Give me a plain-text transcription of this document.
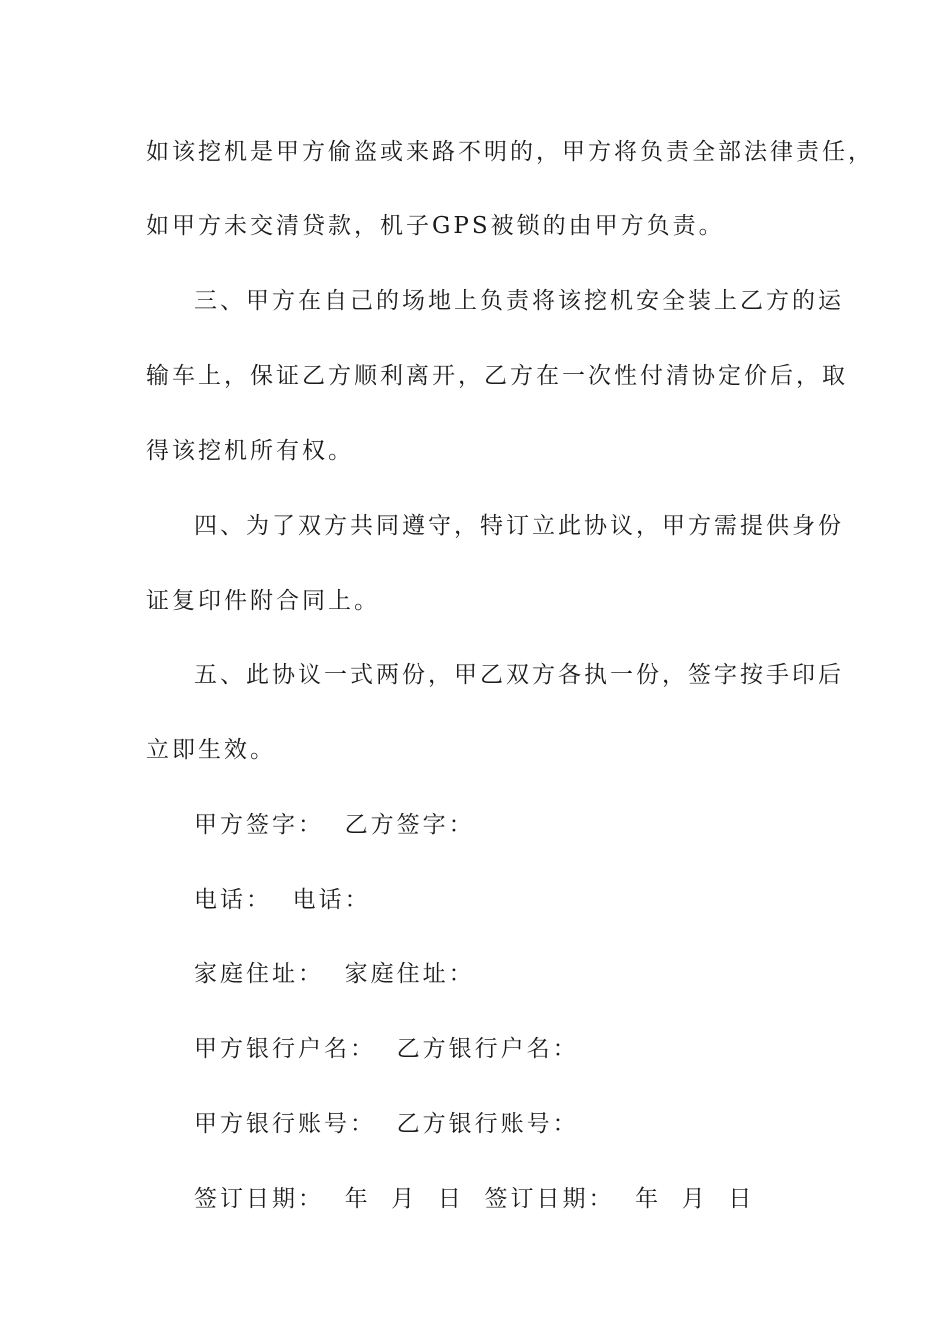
如该挖机是甲方偷盗或来路不明的，甲方将负责全部法律责任，
如甲方未交清贷款，机子GPS被锁的由甲方负责。
三、甲方在自己的场地上负责将该挖机安全装上乙方的运
输车上，保证乙方顺利离开，乙方在一次性付清协定价后，取
得该挖机所有权。
四、为了双方共同遵守，特订立此协议，甲方需提供身份
证复印件附合同上。
五、此协议一式两份，甲乙双方各执一份，签字按手印后
立即生效。
甲方签字：  乙方签字：
电话：  电话：
家庭住址：  家庭住址：
甲方银行户名：  乙方银行户名：
甲方银行账号：  乙方银行账号：
签订日期：  年  月  日  签订日期：  年  月  日
